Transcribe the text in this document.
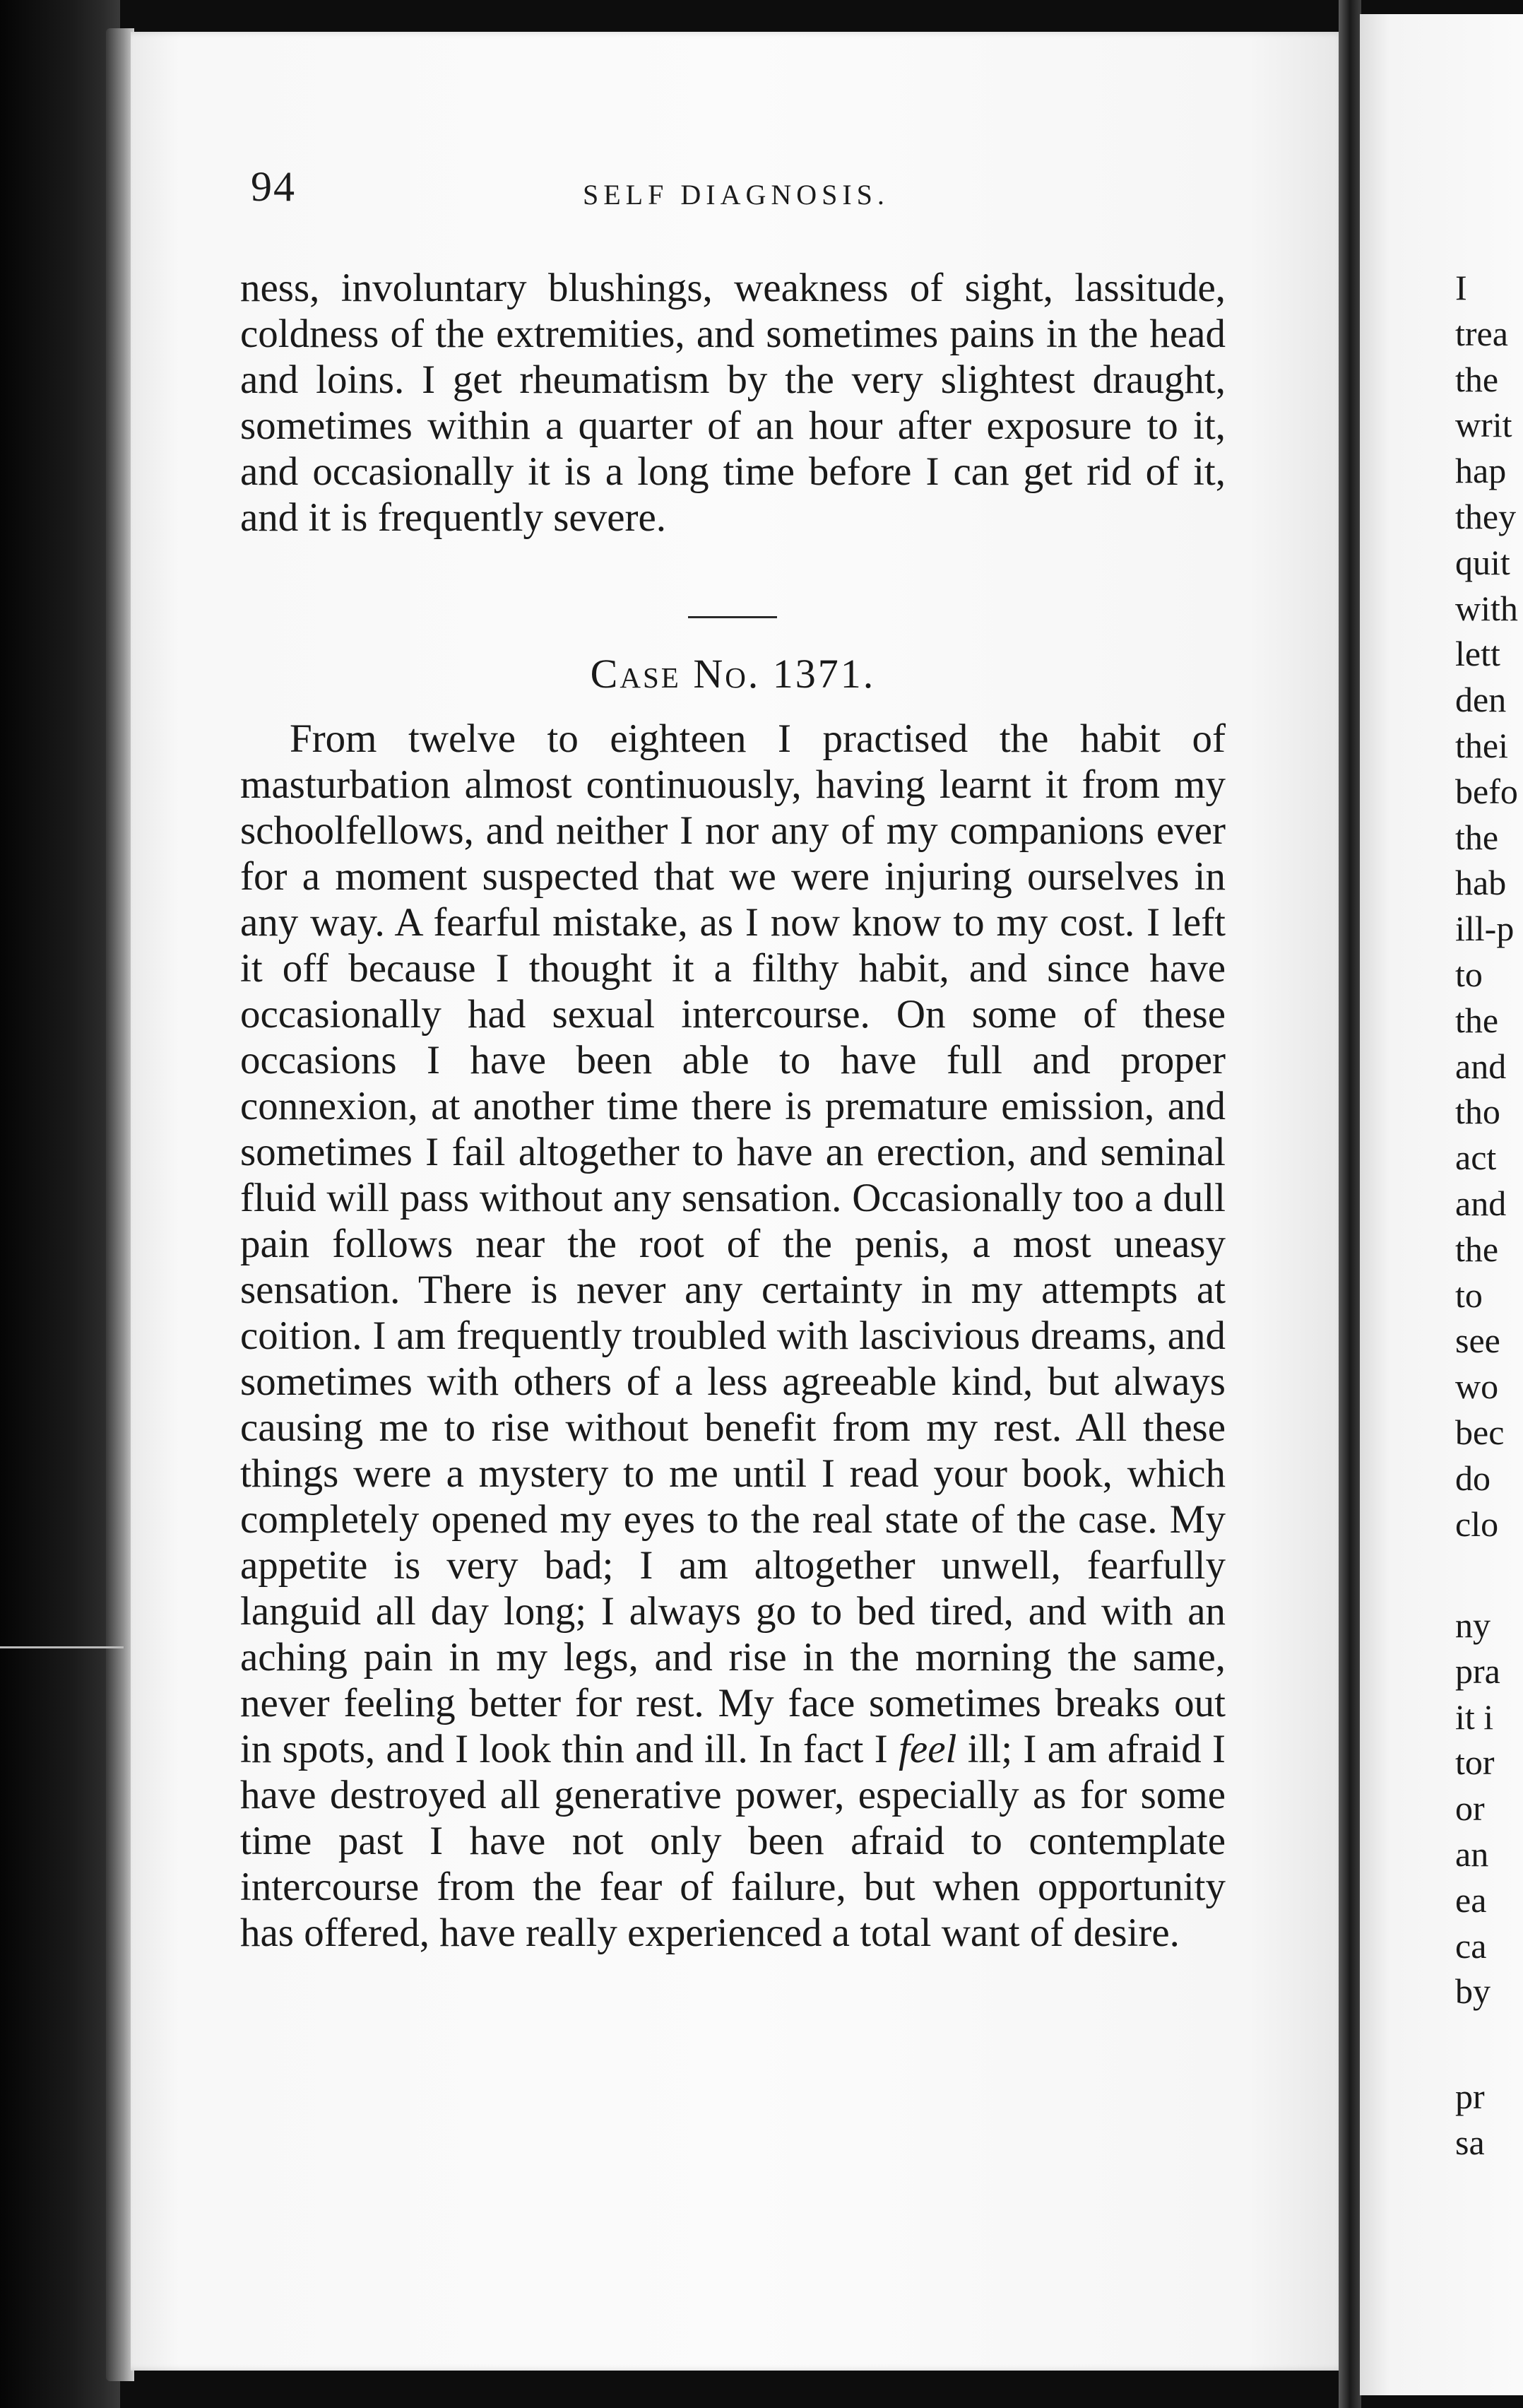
94	SELF DIAGNOSIS.

ness, involuntary blushings, weakness of sight, lassitude, coldness of the extremities, and sometimes pains in the head and loins. I get rheumatism by the very slightest draught, sometimes within a quarter of an hour after exposure to it, and occasionally it is a long time before I can get rid of it, and it is frequently severe.

Case No. 1371.

From twelve to eighteen I practised the habit of masturbation almost continuously, having learnt it from my schoolfellows, and neither I nor any of my companions ever for a moment suspected that we were injuring ourselves in any way. A fearful mistake, as I now know to my cost. I left it off because I thought it a filthy habit, and since have occasionally had sexual intercourse. On some of these occasions I have been able to have full and proper connexion, at another time there is premature emission, and sometimes I fail altogether to have an erection, and seminal fluid will pass without any sensation. Occasionally too a dull pain follows near the root of the penis, a most uneasy sensation. There is never any certainty in my attempts at coition. I am frequently troubled with lascivious dreams, and sometimes with others of a less agreeable kind, but always causing me to rise without benefit from my rest. All these things were a mystery to me until I read your book, which completely opened my eyes to the real state of the case. My appetite is very bad; I am altogether unwell, fearfully languid all day long; I always go to bed tired, and with an aching pain in my legs, and rise in the morning the same, never feeling better for rest. My face sometimes breaks out in spots, and I look thin and ill. In fact I feel ill; I am afraid I have destroyed all generative power, especially as for some time past I have not only been afraid to contemplate intercourse from the fear of failure, but when opportunity has offered, have really experienced a total want of desire.

I
trea
the
writ
hap
they
quit
with
lett
den
thei
befo
the
hab
ill-p
to
the
and
tho
act
and
the
to
see
wo
bec
do
clo
ny
pra
it i
tor
or
an
ea
ca
by
pr
sa
